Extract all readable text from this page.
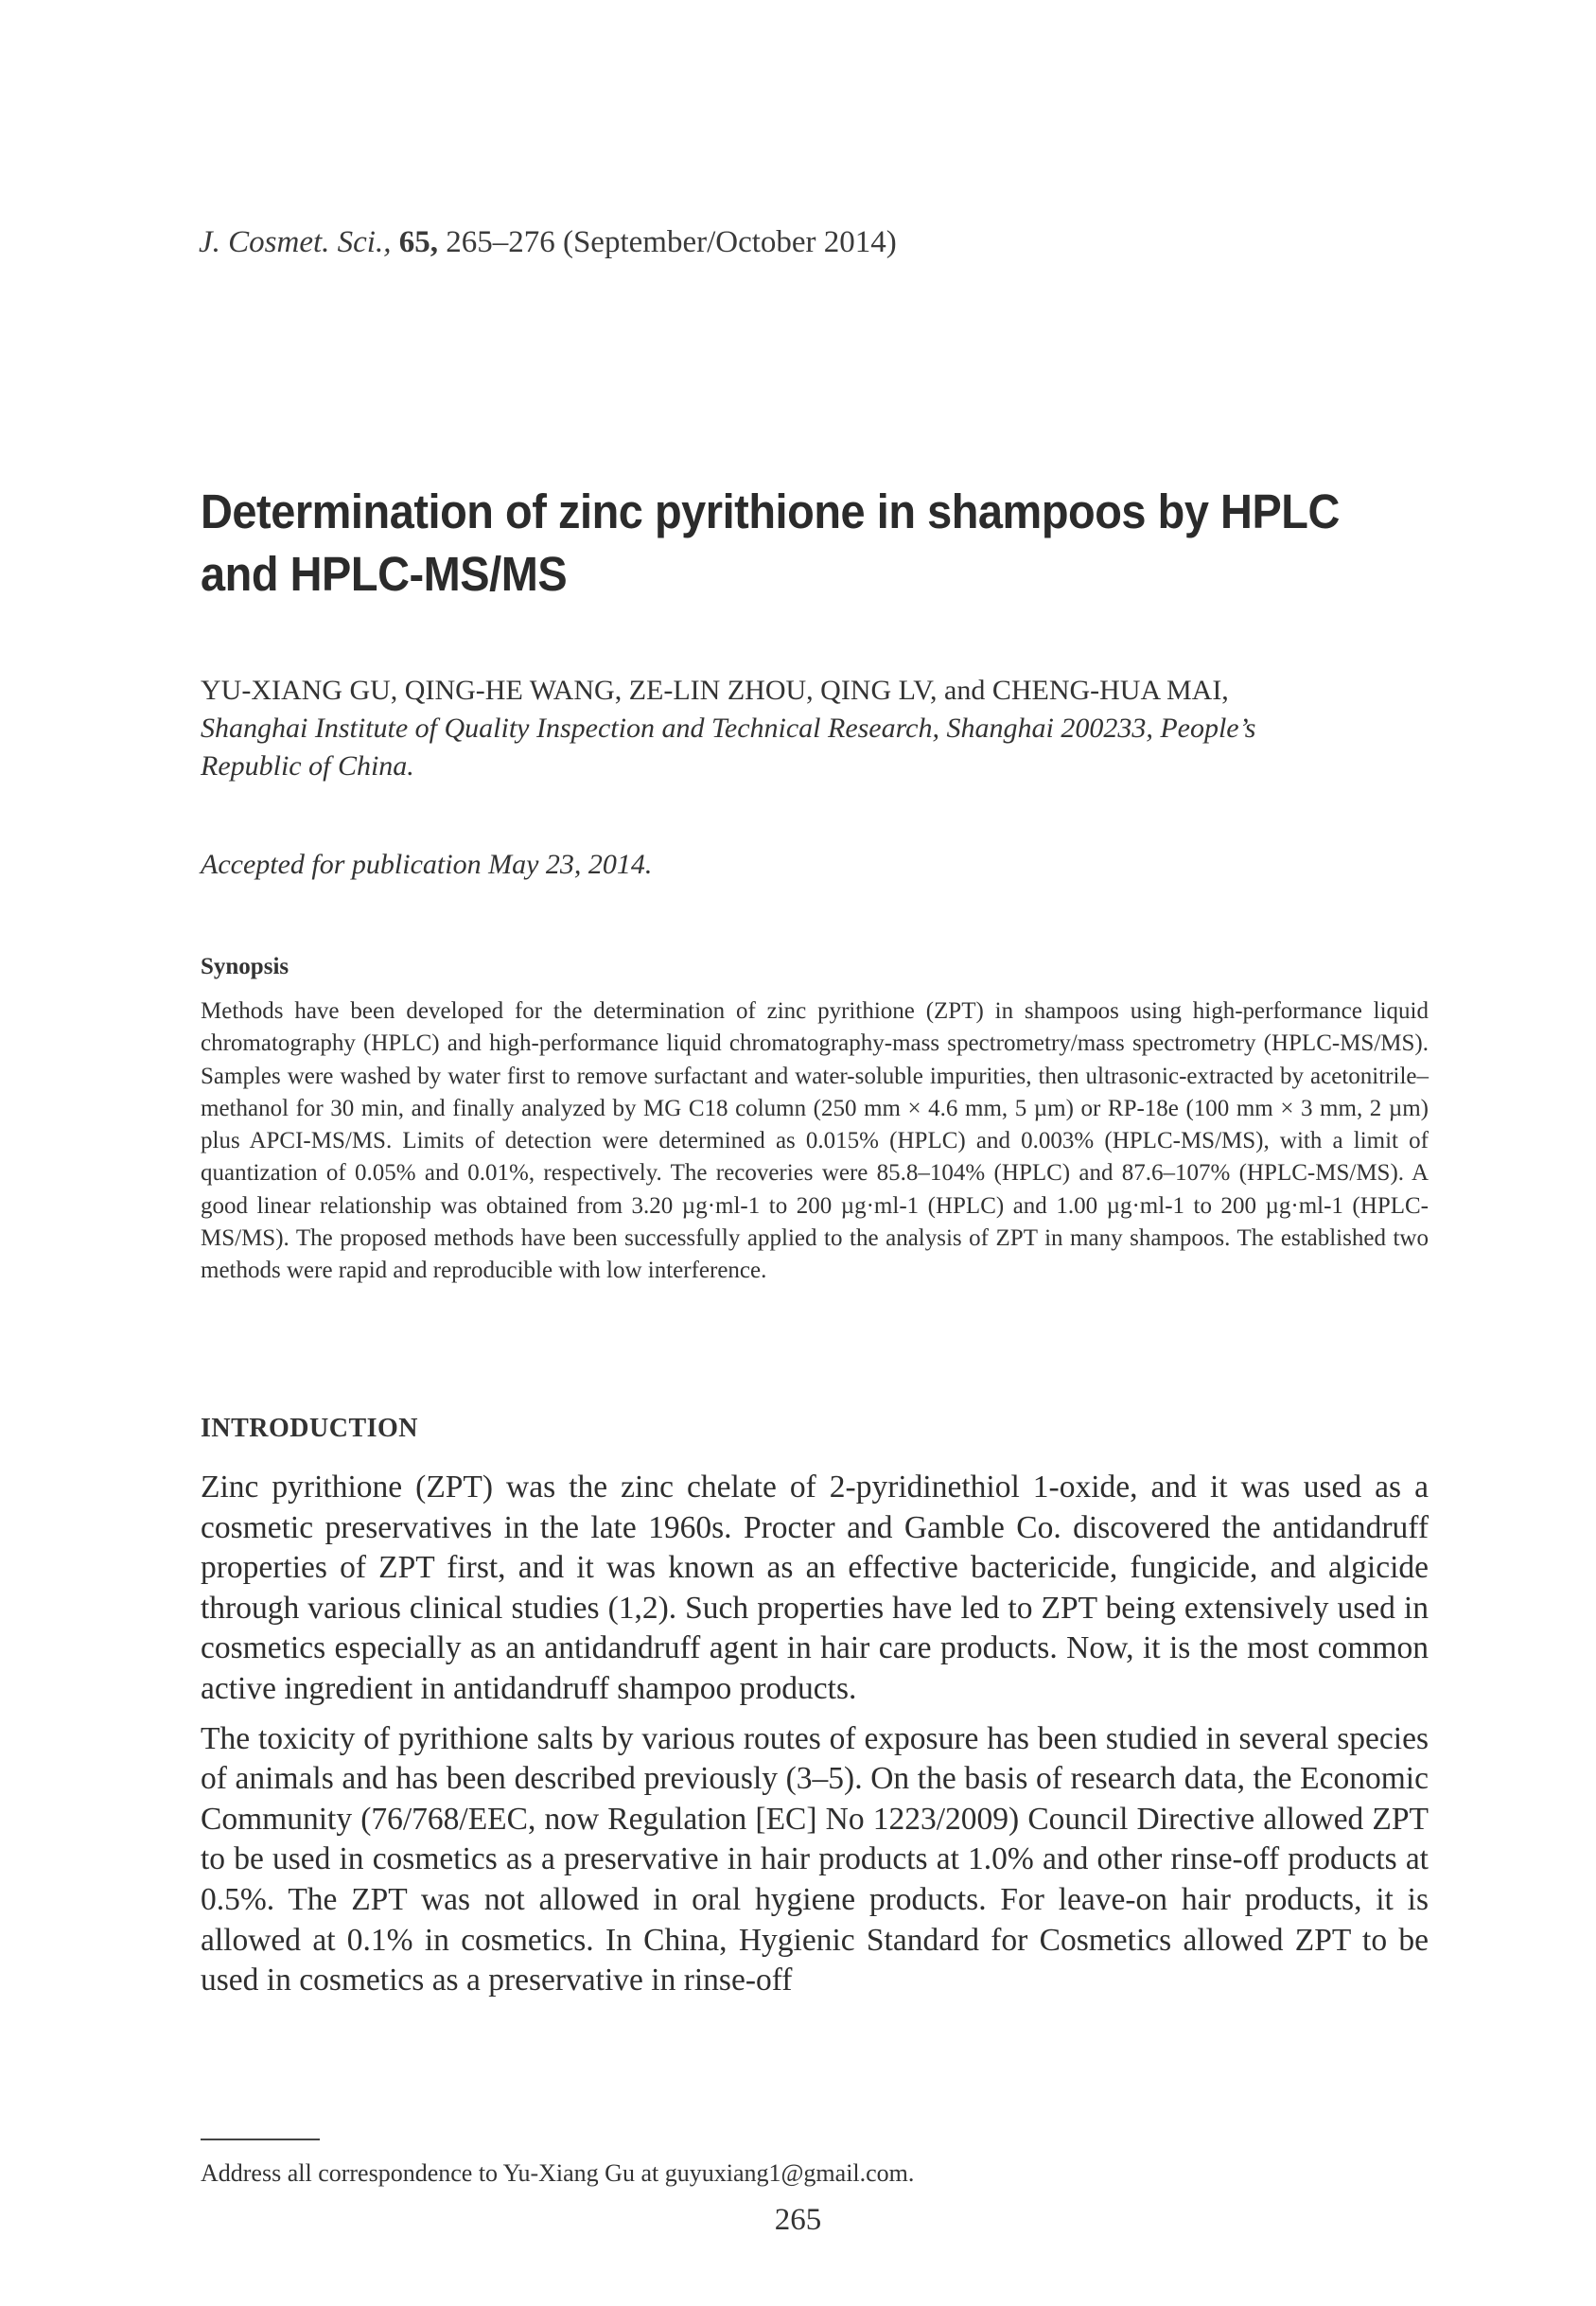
J. Cosmet. Sci., 65, 265–276 (September/October 2014)
Determination of zinc pyrithione in shampoos by HPLC and HPLC-MS/MS
YU-XIANG GU, QING-HE WANG, ZE-LIN ZHOU, QING LV, and CHENG-HUA MAI, Shanghai Institute of Quality Inspection and Technical Research, Shanghai 200233, People’s Republic of China.
Accepted for publication May 23, 2014.
Synopsis

Methods have been developed for the determination of zinc pyrithione (ZPT) in shampoos using high-performance liquid chromatography (HPLC) and high-performance liquid chromatography-mass spectrometry/mass spectrometry (HPLC-MS/MS). Samples were washed by water first to remove surfactant and water-soluble impurities, then ultrasonic-extracted by acetonitrile–methanol for 30 min, and finally analyzed by MG C18 column (250 mm × 4.6 mm, 5 µm) or RP-18e (100 mm × 3 mm, 2 µm) plus APCI-MS/MS. Limits of detection were determined as 0.015% (HPLC) and 0.003% (HPLC-MS/MS), with a limit of quantization of 0.05% and 0.01%, respectively. The recoveries were 85.8–104% (HPLC) and 87.6–107% (HPLC-MS/MS). A good linear relationship was obtained from 3.20 µg·ml-1 to 200 µg·ml-1 (HPLC) and 1.00 µg·ml-1 to 200 µg·ml-1 (HPLC-MS/MS). The proposed methods have been successfully applied to the analysis of ZPT in many shampoos. The established two methods were rapid and reproducible with low interference.

INTRODUCTION

Zinc pyrithione (ZPT) was the zinc chelate of 2-pyridinethiol 1-oxide, and it was used as a cosmetic preservatives in the late 1960s. Procter and Gamble Co. discovered the antidandruff properties of ZPT first, and it was known as an effective bactericide, fungicide, and algicide through various clinical studies (1,2). Such properties have led to ZPT being extensively used in cosmetics especially as an antidandruff agent in hair care products. Now, it is the most common active ingredient in antidandruff shampoo products.

The toxicity of pyrithione salts by various routes of exposure has been studied in several species of animals and has been described previously (3–5). On the basis of research data, the Economic Community (76/768/EEC, now Regulation [EC] No 1223/2009) Council Directive allowed ZPT to be used in cosmetics as a preservative in hair products at 1.0% and other rinse-off products at 0.5%. The ZPT was not allowed in oral hygiene products. For leave-on hair products, it is allowed at 0.1% in cosmetics. In China, Hygienic Standard for Cosmetics allowed ZPT to be used in cosmetics as a preservative in rinse-off

Address all correspondence to Yu-Xiang Gu at guyuxiang1@gmail.com.
265
